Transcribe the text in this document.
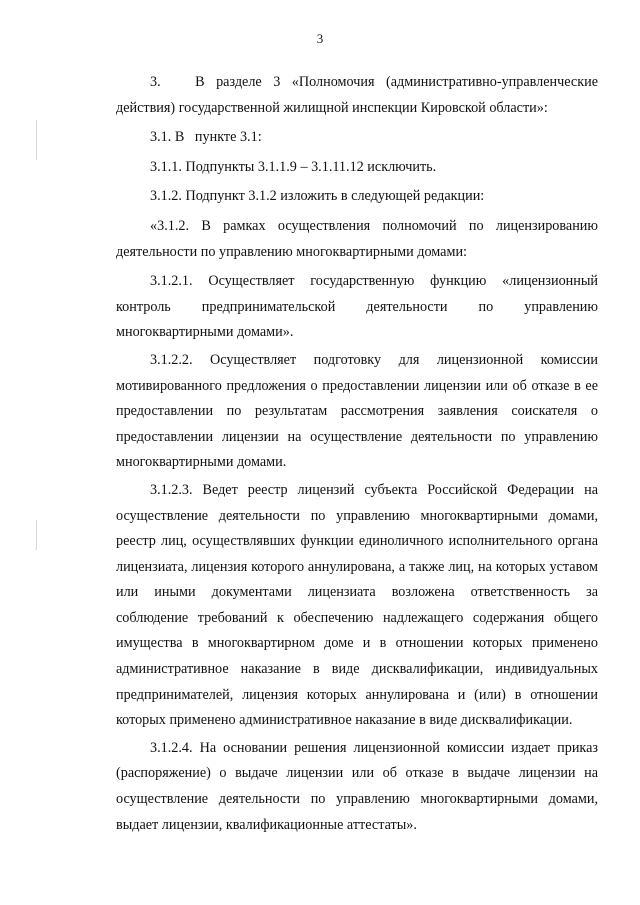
3

3.   В разделе 3 «Полномочия (административно-управленческие действия) государственной жилищной инспекции Кировской области»:

3.1. В   пункте 3.1:

3.1.1. Подпункты 3.1.1.9 – 3.1.11.12 исключить.

3.1.2. Подпункт 3.1.2 изложить в следующей редакции:

«3.1.2. В рамках осуществления полномочий по лицензированию деятельности по управлению многоквартирными домами:

3.1.2.1. Осуществляет государственную функцию «лицензионный контроль предпринимательской деятельности по управлению многоквартирными домами».

3.1.2.2. Осуществляет подготовку для лицензионной комиссии мотивированного предложения о предоставлении лицензии или об отказе в ее предоставлении по результатам рассмотрения заявления соискателя о предоставлении лицензии на осуществление деятельности по управлению многоквартирными домами.

3.1.2.3. Ведет реестр лицензий субъекта Российской Федерации на осуществление деятельности по управлению многоквартирными домами, реестр лиц, осуществлявших функции единоличного исполнительного органа лицензиата, лицензия которого аннулирована, а также лиц, на которых уставом или иными документами лицензиата возложена ответственность за соблюдение требований к обеспечению надлежащего содержания общего имущества в многоквартирном доме и в отношении которых применено административное наказание в виде дисквалификации, индивидуальных предпринимателей, лицензия которых аннулирована и (или) в отношении которых применено административное наказание в виде дисквалификации.

3.1.2.4. На основании решения лицензионной комиссии издает приказ (распоряжение) о выдаче лицензии или об отказе в выдаче лицензии на осуществление деятельности по управлению многоквартирными домами, выдает лицензии, квалификационные аттестаты».
